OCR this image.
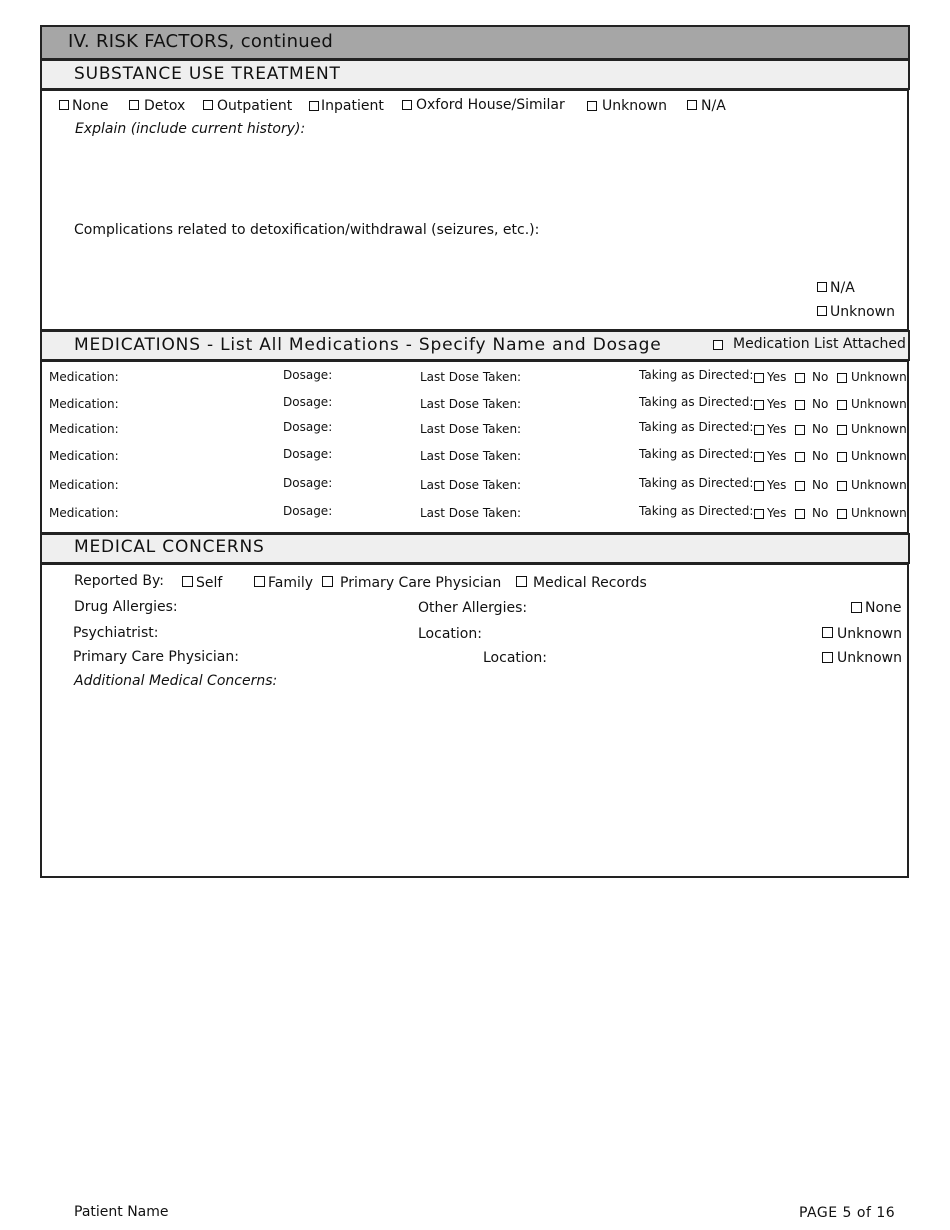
IV. RISK FACTORS, continued
SUBSTANCE USE TREATMENT
None	Detox Outpatient Inpatient Oxford House/Similar	Unknown N/A
Explain (include current history):
Complications related to detoxification/withdrawal (seizures, etc.):
N/A
Unknown
MEDICATIONS - List All Medications - Specify Name and Dosage	Medication List Attached
Medication:	Dosage:	Last Dose Taken:	Taking as Directed: Yes No Unknown
Medication:	Dosage:	Last Dose Taken:	Taking as Directed: Yes No Unknown
Medication:	Dosage:	Last Dose Taken:	Taking as Directed: Yes No Unknown
Medication:	Dosage:	Last Dose Taken:	Taking as Directed: Yes No Unknown
Medication:	Dosage:	Last Dose Taken:	Taking as Directed: Yes No Unknown
Medication:	Dosage:	Last Dose Taken:	Taking as Directed: Yes No Unknown
MEDICAL CONCERNS
Reported By: Self	Family Primary Care Physician Medical Records
Drug Allergies:	Other Allergies:	None
Psychiatrist:	Location:	Unknown
Primary Care Physician:	Location:	Unknown
Additional Medical Concerns:
Patient Name	PAGE 5 of 16
